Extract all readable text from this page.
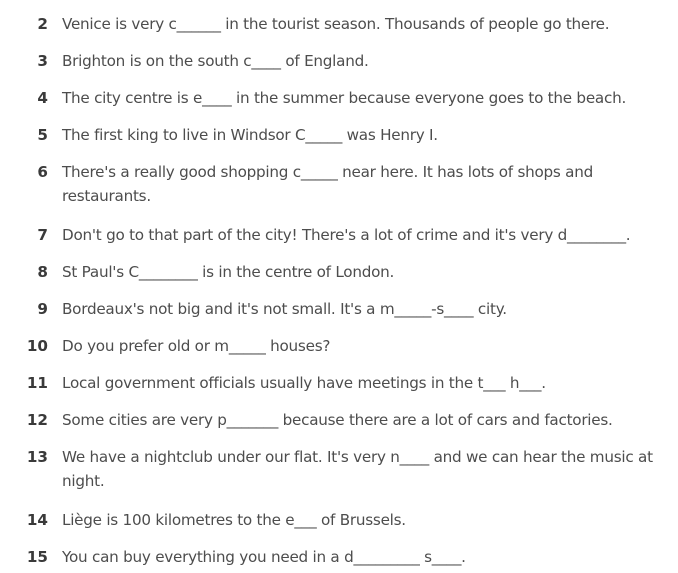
2 Venice is very c______ in the tourist season. Thousands of people go there.
3 Brighton is on the south c____ of England.
4 The city centre is e____ in the summer because everyone goes to the beach.
5 The first king to live in Windsor C_____ was Henry I.
6 There's a really good shopping c_____ near here. It has lots of shops and
restaurants.
7 Don't go to that part of the city! There's a lot of crime and it's very d________.
8 St Paul's C________ is in the centre of London.
9 Bordeaux's not big and it's not small. It's a m_____-s____ city.
10 Do you prefer old or m_____ houses?
11 Local government officials usually have meetings in the t___ h___.
12 Some cities are very p_______ because there are a lot of cars and factories.
13 We have a nightclub under our flat. It's very n____ and we can hear the music at
night.
14 Liège is 100 kilometres to the e___ of Brussels.
15 You can buy everything you need in a d_________ s____.
